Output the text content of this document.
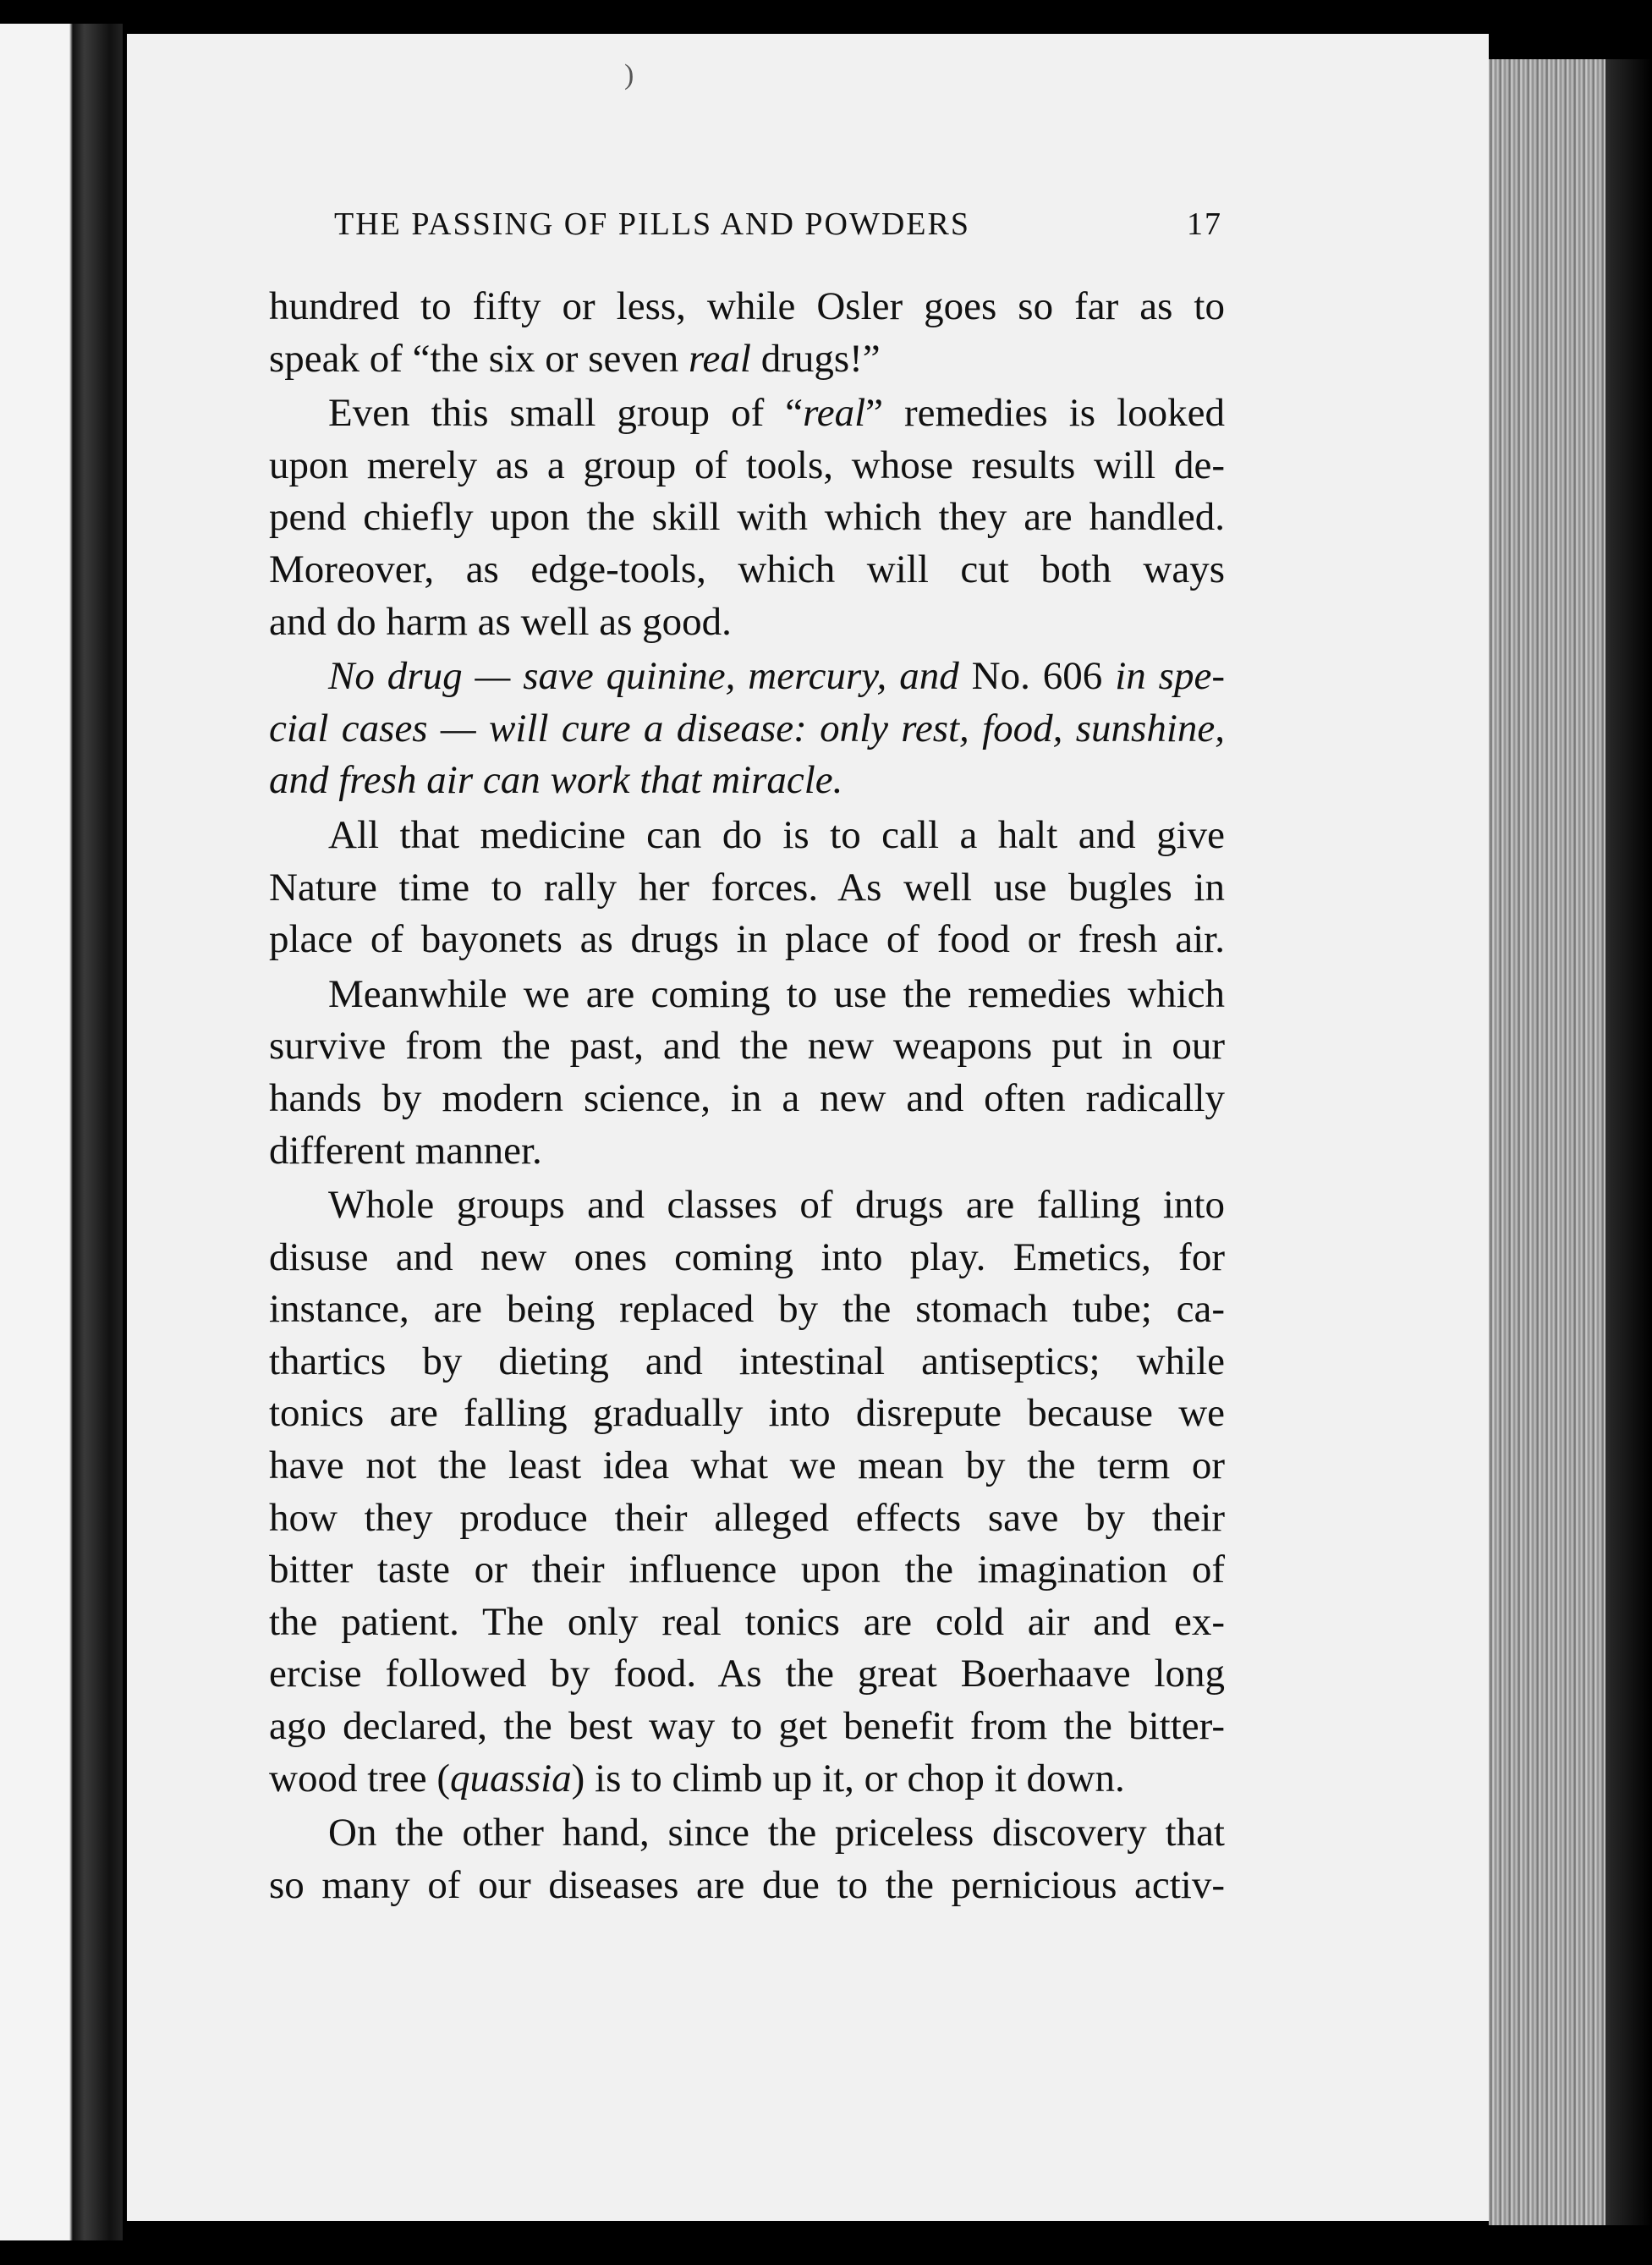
)
THE PASSING OF PILLS AND POWDERS	17
hundred to fifty or less, while Osler goes so far as to
speak of “the six or seven real drugs!”
Even this small group of “real” remedies is looked
upon merely as a group of tools, whose results will de-
pend chiefly upon the skill with which they are handled.
Moreover, as edge-tools, which will cut both ways
and do harm as well as good.
No drug — save quinine, mercury, and No. 606 in spe-
cial cases — will cure a disease: only rest, food, sunshine,
and fresh air can work that miracle.
All that medicine can do is to call a halt and give
Nature time to rally her forces. As well use bugles in
place of bayonets as drugs in place of food or fresh air.
Meanwhile we are coming to use the remedies which
survive from the past, and the new weapons put in our
hands by modern science, in a new and often radically
different manner.
Whole groups and classes of drugs are falling into
disuse and new ones coming into play. Emetics, for
instance, are being replaced by the stomach tube; ca-
thartics by dieting and intestinal antiseptics; while
tonics are falling gradually into disrepute because we
have not the least idea what we mean by the term or
how they produce their alleged effects save by their
bitter taste or their influence upon the imagination of
the patient. The only real tonics are cold air and ex-
ercise followed by food. As the great Boerhaave long
ago declared, the best way to get benefit from the bitter-
wood tree (quassia) is to climb up it, or chop it down.
On the other hand, since the priceless discovery that
so many of our diseases are due to the pernicious activ-
